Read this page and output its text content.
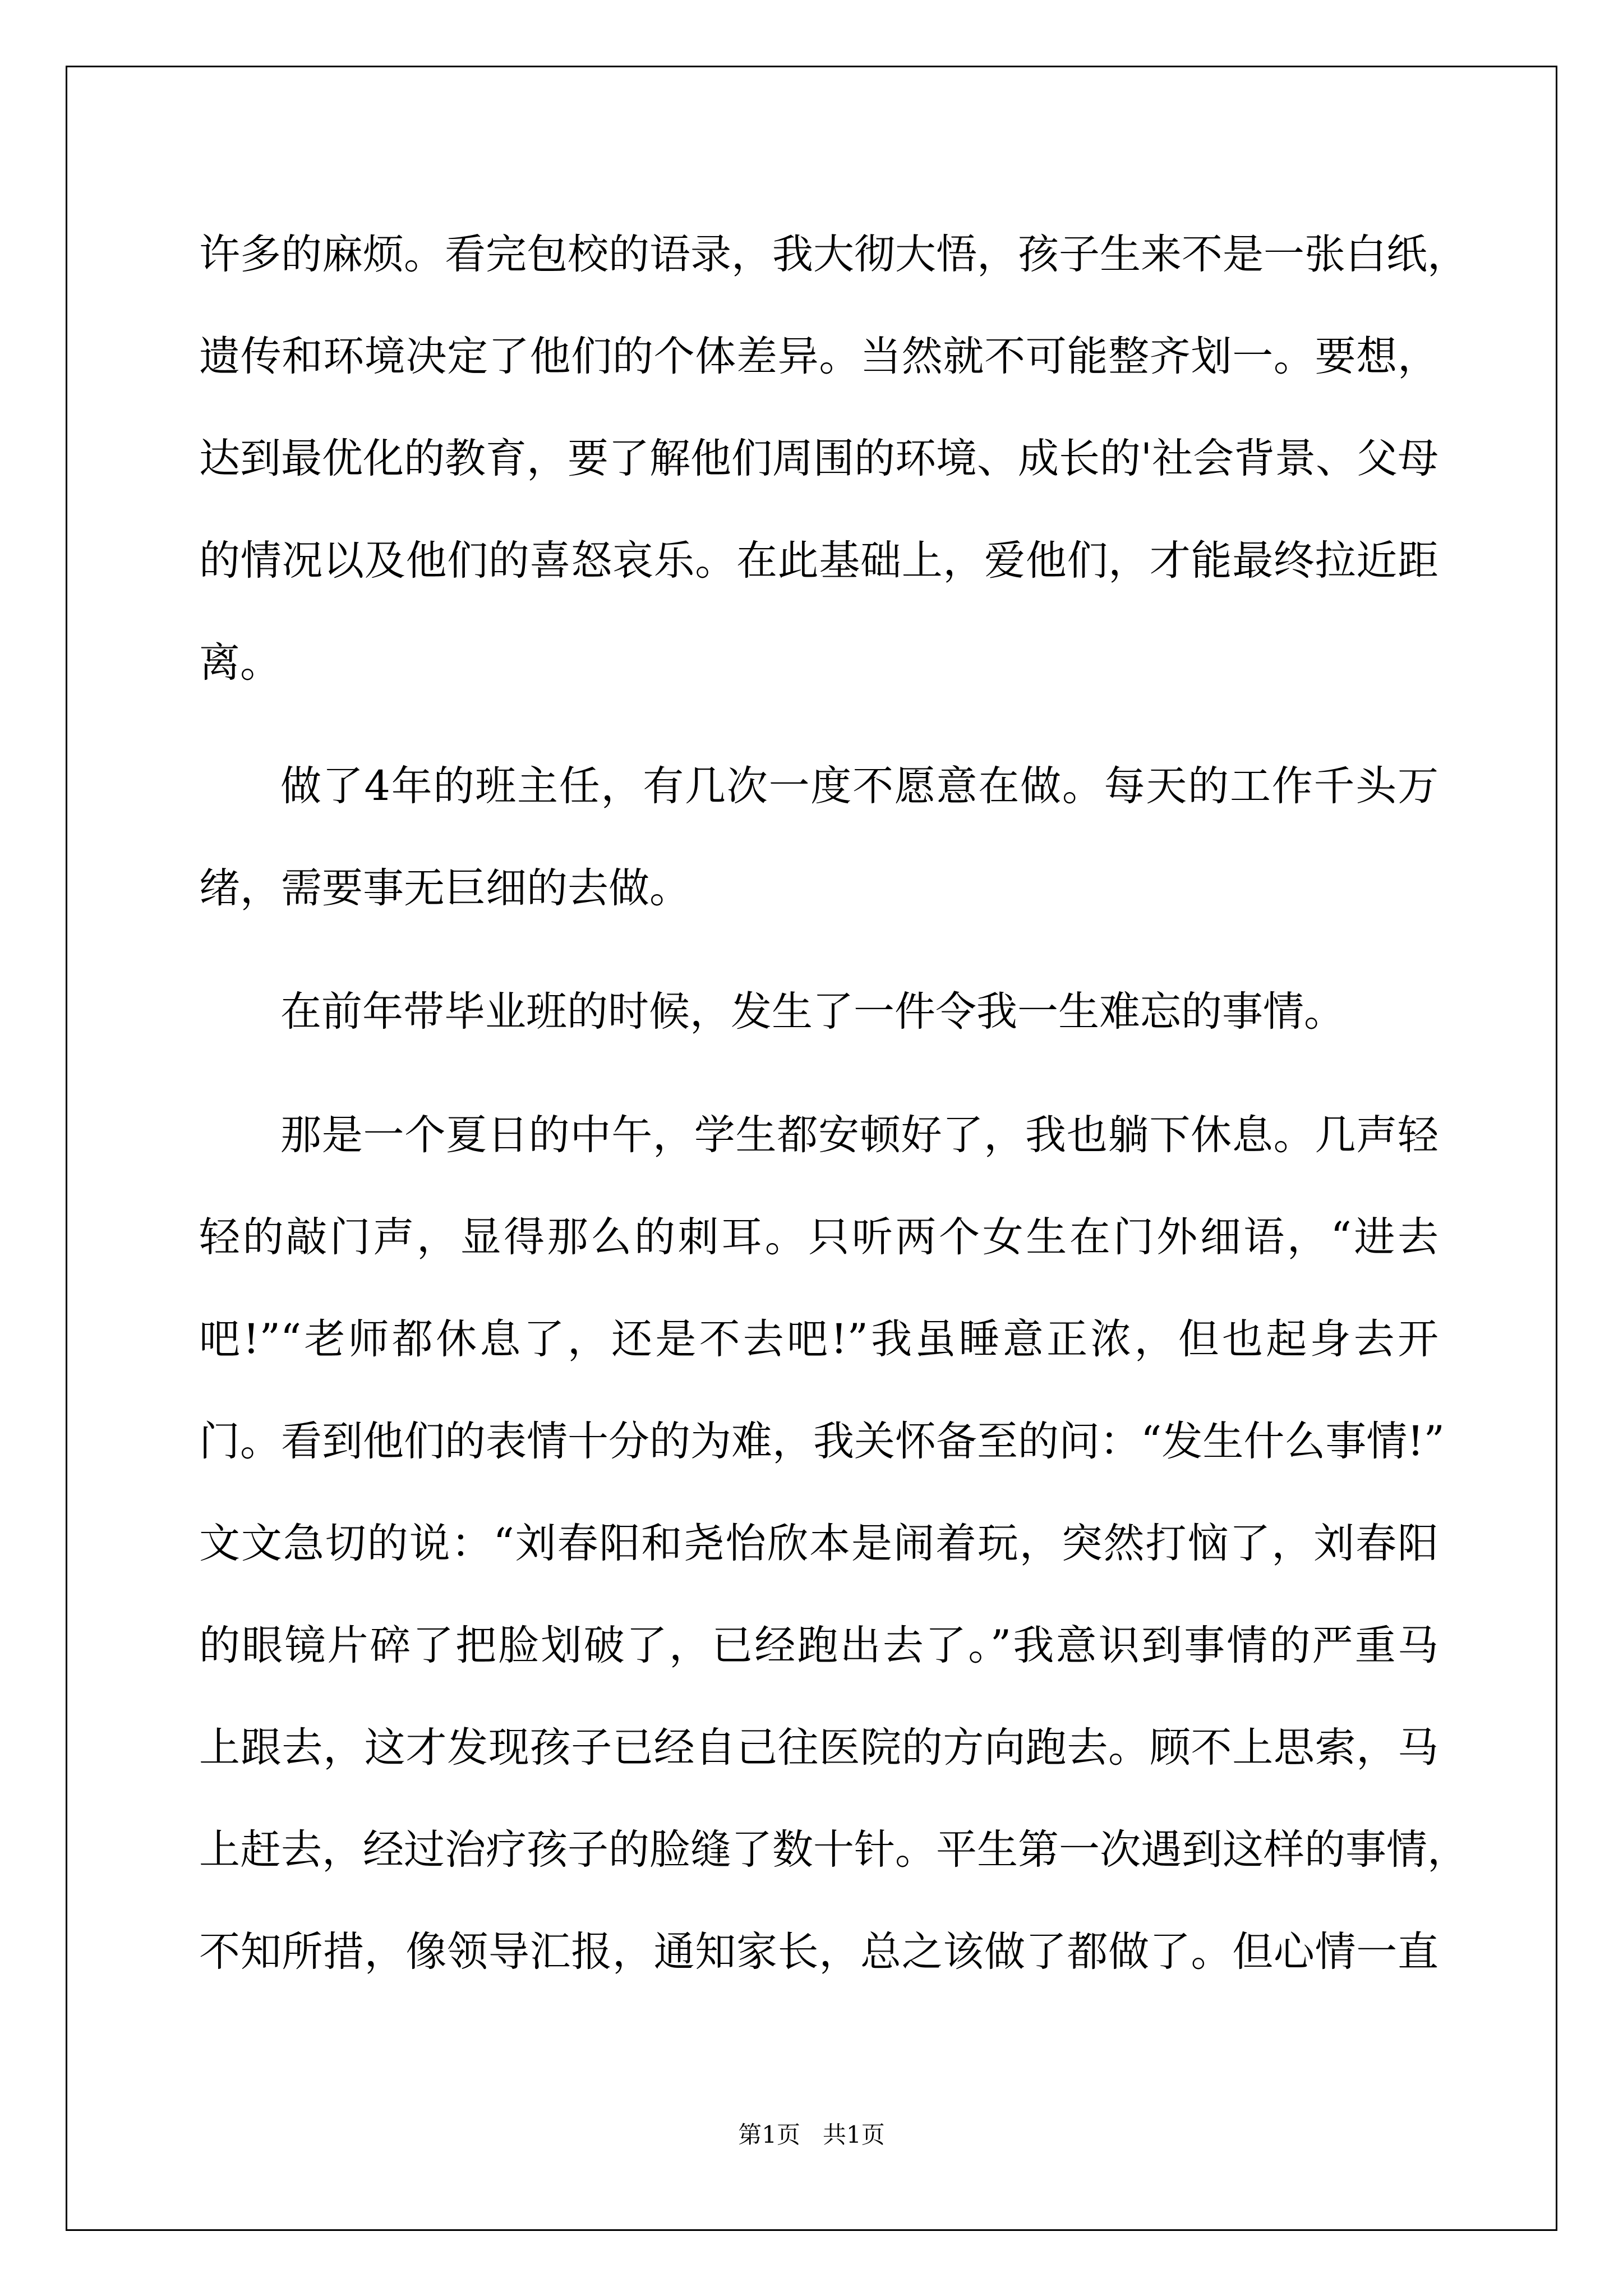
许多的麻烦。看完包校的语录，我大彻大悟，孩子生来不是一张白纸，
遗传和环境决定了他们的个体差异。当然就不可能整齐划一。要想，
达到最优化的教育，要了解他们周围的环境、成长的'社会背景、父母
的情况以及他们的喜怒哀乐。在此基础上，爱他们，才能最终拉近距
离。
做了4年的班主任，有几次一度不愿意在做。每天的工作千头万
绪，需要事无巨细的去做。
在前年带毕业班的时候，发生了一件令我一生难忘的事情。
那是一个夏日的中午，学生都安顿好了，我也躺下休息。几声轻
轻的敲门声，显得那么的刺耳。只听两个女生在门外细语，“进去
吧!”“老师都休息了，还是不去吧!”我虽睡意正浓，但也起身去开
门。看到他们的表情十分的为难，我关怀备至的问：“发生什么事情!”
文文急切的说：“刘春阳和尧怡欣本是闹着玩，突然打恼了，刘春阳
的眼镜片碎了把脸划破了，已经跑出去了。”我意识到事情的严重马
上跟去，这才发现孩子已经自己往医院的方向跑去。顾不上思索，马
上赶去，经过治疗孩子的脸缝了数十针。平生第一次遇到这样的事情，
不知所措，像领导汇报，通知家长，总之该做了都做了。但心情一直
第1页 共1页
